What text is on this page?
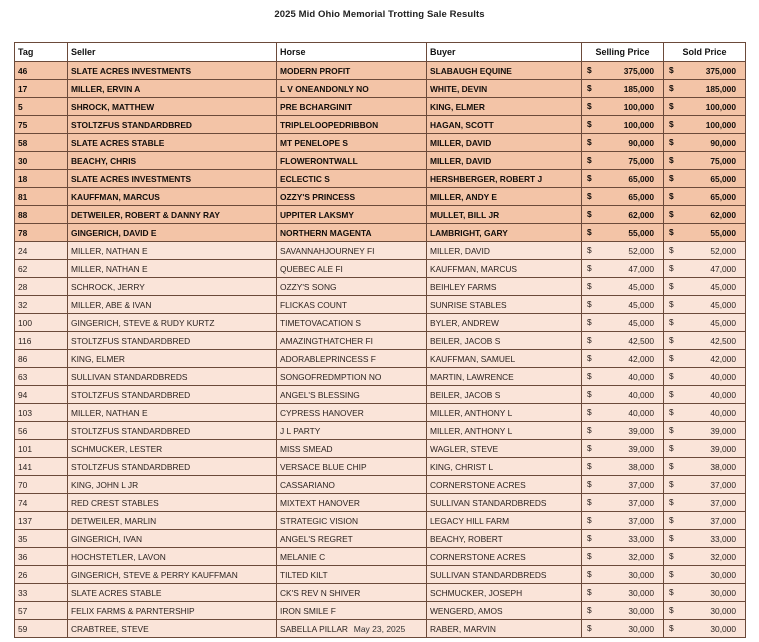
2025 Mid Ohio Memorial Trotting Sale Results
Tag	Seller	Horse	Buyer	Selling Price	Sold Price
46	SLATE ACRES INVESTMENTS	MODERN PROFIT	SLABAUGH EQUINE	$ 375,000	$ 375,000

17	MILLER, ERVIN A	L V ONEANDONLY NO	WHITE, DEVIN	$ 185,000	$ 185,000

5	SHROCK, MATTHEW	PRE BCHARGINIT	KING, ELMER	$ 100,000	$ 100,000

75	STOLTZFUS STANDARDBRED	TRIPLELOOPEDRIBBON	HAGAN, SCOTT	$ 100,000	$ 100,000

58	SLATE ACRES STABLE	MT PENELOPE S	MILLER, DAVID	$ 90,000	$ 90,000

30	BEACHY, CHRIS	FLOWERONTWALL	MILLER, DAVID	$ 75,000	$ 75,000

18	SLATE ACRES INVESTMENTS	ECLECTIC S	HERSHBERGER, ROBERT J	$ 65,000	$ 65,000

81	KAUFFMAN, MARCUS	OZZY'S PRINCESS	MILLER, ANDY E	$ 65,000	$ 65,000

88	DETWEILER, ROBERT & DANNY RAY	UPPITER LAKSMY	MULLET, BILL JR	$ 62,000	$ 62,000

78	GINGERICH, DAVID E	NORTHERN MAGENTA	LAMBRIGHT, GARY	$ 55,000	$ 55,000

24	MILLER, NATHAN E	SAVANNAHJOURNEY FI	MILLER, DAVID	$ 52,000	$ 52,000

62	MILLER, NATHAN E	QUEBEC ALE FI	KAUFFMAN, MARCUS	$ 47,000	$ 47,000

28	SCHROCK, JERRY	OZZY'S SONG	BEIHLEY FARMS	$ 45,000	$ 45,000

32	MILLER, ABE & IVAN	FLICKAS COUNT	SUNRISE STABLES	$ 45,000	$ 45,000

100	GINGERICH, STEVE & RUDY KURTZ	TIMETOVACATION S	BYLER, ANDREW	$ 45,000	$ 45,000

116	STOLTZFUS STANDARDBRED	AMAZINGTHATCHER FI	BEILER, JACOB S	$ 42,500	$ 42,500

86	KING, ELMER	ADORABLEPRINCESS F	KAUFFMAN, SAMUEL	$ 42,000	$ 42,000

63	SULLIVAN STANDARDBREDS	SONGOFREDMPTION NO	MARTIN, LAWRENCE	$ 40,000	$ 40,000

94	STOLTZFUS STANDARDBRED	ANGEL'S BLESSING	BEILER, JACOB S	$ 40,000	$ 40,000

103	MILLER, NATHAN E	CYPRESS HANOVER	MILLER, ANTHONY L	$ 40,000	$ 40,000

56	STOLTZFUS STANDARDBRED	J L PARTY	MILLER, ANTHONY L	$ 39,000	$ 39,000

101	SCHMUCKER, LESTER	MISS SMEAD	WAGLER, STEVE	$ 39,000	$ 39,000

141	STOLTZFUS STANDARDBRED	VERSACE BLUE CHIP	KING, CHRIST L	$ 38,000	$ 38,000

70	KING, JOHN L JR	CASSARIANO	CORNERSTONE ACRES	$ 37,000	$ 37,000

74	RED CREST STABLES	MIXTEXT HANOVER	SULLIVAN STANDARDBREDS	$ 37,000	$ 37,000

137	DETWEILER, MARLIN	STRATEGIC VISION	LEGACY HILL FARM	$ 37,000	$ 37,000

35	GINGERICH, IVAN	ANGEL'S REGRET	BEACHY, ROBERT	$ 33,000	$ 33,000

36	HOCHSTETLER, LAVON	MELANIE C	CORNERSTONE ACRES	$ 32,000	$ 32,000

26	GINGERICH, STEVE & PERRY KAUFFMAN	TILTED KILT	SULLIVAN STANDARDBREDS	$ 30,000	$ 30,000

33	SLATE ACRES STABLE	CK'S REV N SHIVER	SCHMUCKER, JOSEPH	$ 30,000	$ 30,000

57	FELIX FARMS & PARNTERSHIP	IRON SMILE F	WENGERD, AMOS	$ 30,000	$ 30,000

59	CRABTREE, STEVE	SABELLA PILLAR	RABER, MARVIN	$ 30,000	$ 30,000
May 23, 2025
